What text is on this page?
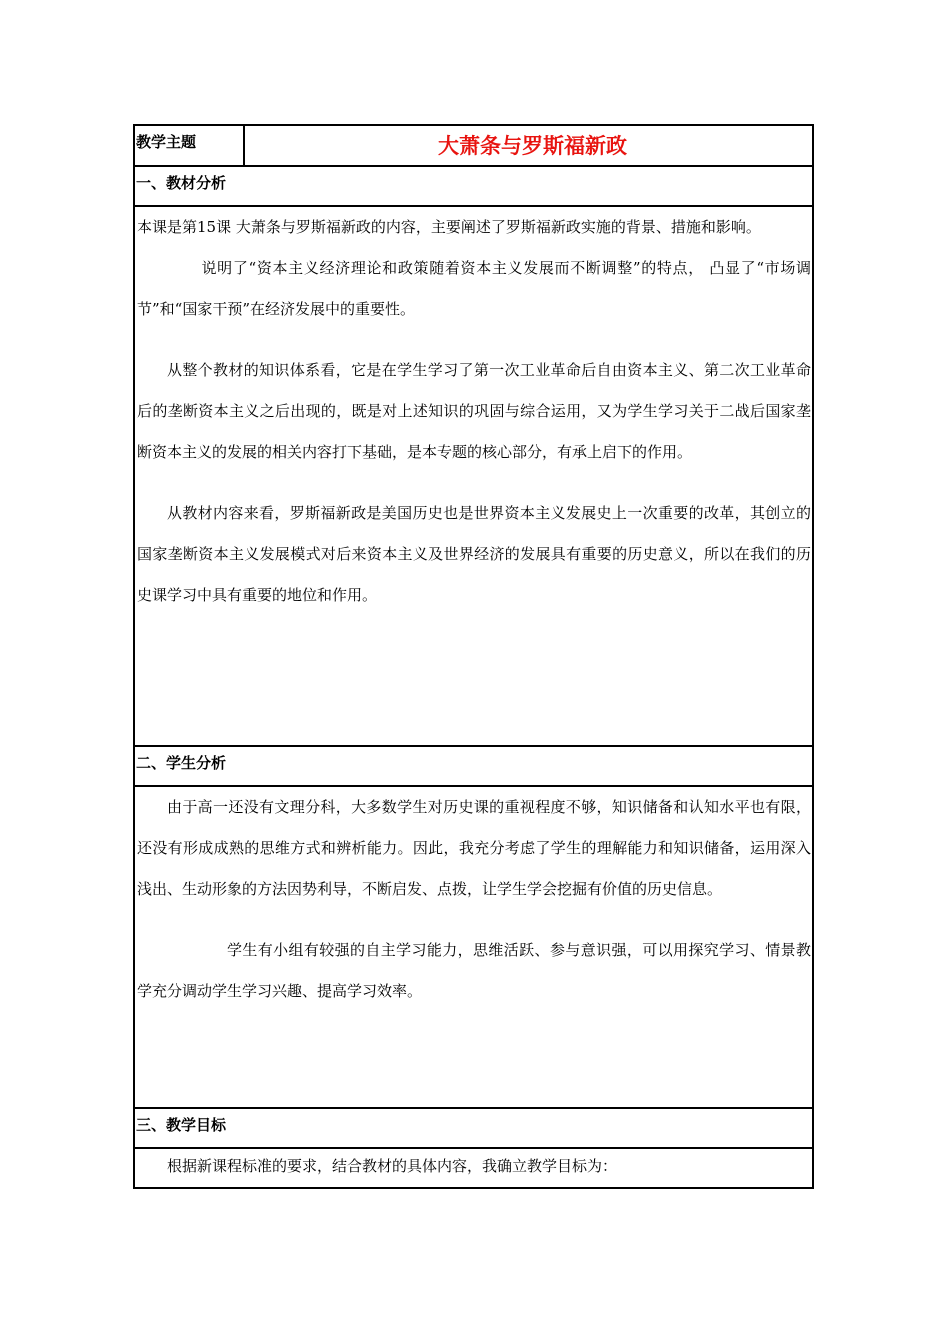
教学主题	大萧条与罗斯福新政
一、教材分析

本课是第15课 大萧条与罗斯福新政的内容，主要阐述了罗斯福新政实施的背景、措施和影响。

说明了“资本主义经济理论和政策随着资本主义发展而不断调整”的特点， 凸显了“市场调节”和“国家干预”在经济发展中的重要性。

从整个教材的知识体系看，它是在学生学习了第一次工业革命后自由资本主义、第二次工业革命后的垄断资本主义之后出现的，既是对上述知识的巩固与综合运用，又为学生学习关于二战后国家垄断资本主义的发展的相关内容打下基础，是本专题的核心部分，有承上启下的作用。

从教材内容来看，罗斯福新政是美国历史也是世界资本主义发展史上一次重要的改革，其创立的国家垄断资本主义发展模式对后来资本主义及世界经济的发展具有重要的历史意义，所以在我们的历史课学习中具有重要的地位和作用。

二、学生分析

由于高一还没有文理分科，大多数学生对历史课的重视程度不够，知识储备和认知水平也有限，还没有形成成熟的思维方式和辨析能力。因此，我充分考虑了学生的理解能力和知识储备，运用深入浅出、生动形象的方法因势利导，不断启发、点拨，让学生学会挖掘有价值的历史信息。

学生有小组有较强的自主学习能力，思维活跃、参与意识强，可以用探究学习、情景教学充分调动学生学习兴趣、提高学习效率。

三、教学目标

根据新课程标准的要求，结合教材的具体内容，我确立教学目标为：
